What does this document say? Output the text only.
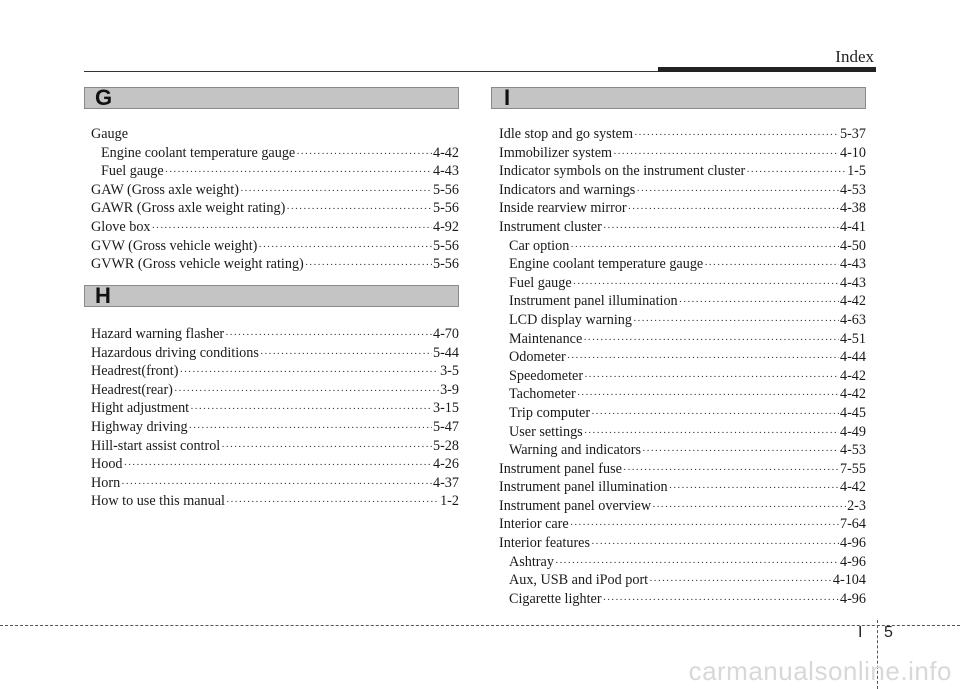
Index
G
Gauge
Engine coolant temperature gauge ·····	4-42
Fuel gauge ·····	4-43
GAW (Gross axle weight) ·····	5-56
GAWR (Gross axle weight rating) ·····	5-56
Glove box ·····	4-92
GVW (Gross vehicle weight) ·····	5-56
GVWR (Gross vehicle weight rating) ·····	5-56
H
Hazard warning flasher ·····	4-70
Hazardous driving conditions ·····	5-44
Headrest(front) ·····	3-5
Headrest(rear) ·····	3-9
Hight adjustment ·····	3-15
Highway driving ·····	5-47
Hill-start assist control ·····	5-28
Hood ·····	4-26
Horn ·····	4-37
How to use this manual ·····	1-2
I
Idle stop and go system ·····	5-37
Immobilizer system ·····	4-10
Indicator symbols on the instrument cluster ·····	1-5
Indicators and warnings ·····	4-53
Inside rearview mirror ·····	4-38
Instrument cluster ·····	4-41
Car option ·····	4-50
Engine coolant temperature gauge ·····	4-43
Fuel gauge ·····	4-43
Instrument panel illumination ·····	4-42
LCD display warning ·····	4-63
Maintenance ·····	4-51
Odometer ·····	4-44
Speedometer ·····	4-42
Tachometer ·····	4-42
Trip computer ·····	4-45
User settings ·····	4-49
Warning and indicators ·····	4-53
Instrument panel fuse ·····	7-55
Instrument panel illumination ·····	4-42
Instrument panel overview ·····	2-3
Interior care ·····	7-64
Interior features ·····	4-96
Ashtray ·····	4-96
Aux, USB and iPod port ·····	4-104
Cigarette lighter ·····	4-96
I 5
carmanualsonline.info
